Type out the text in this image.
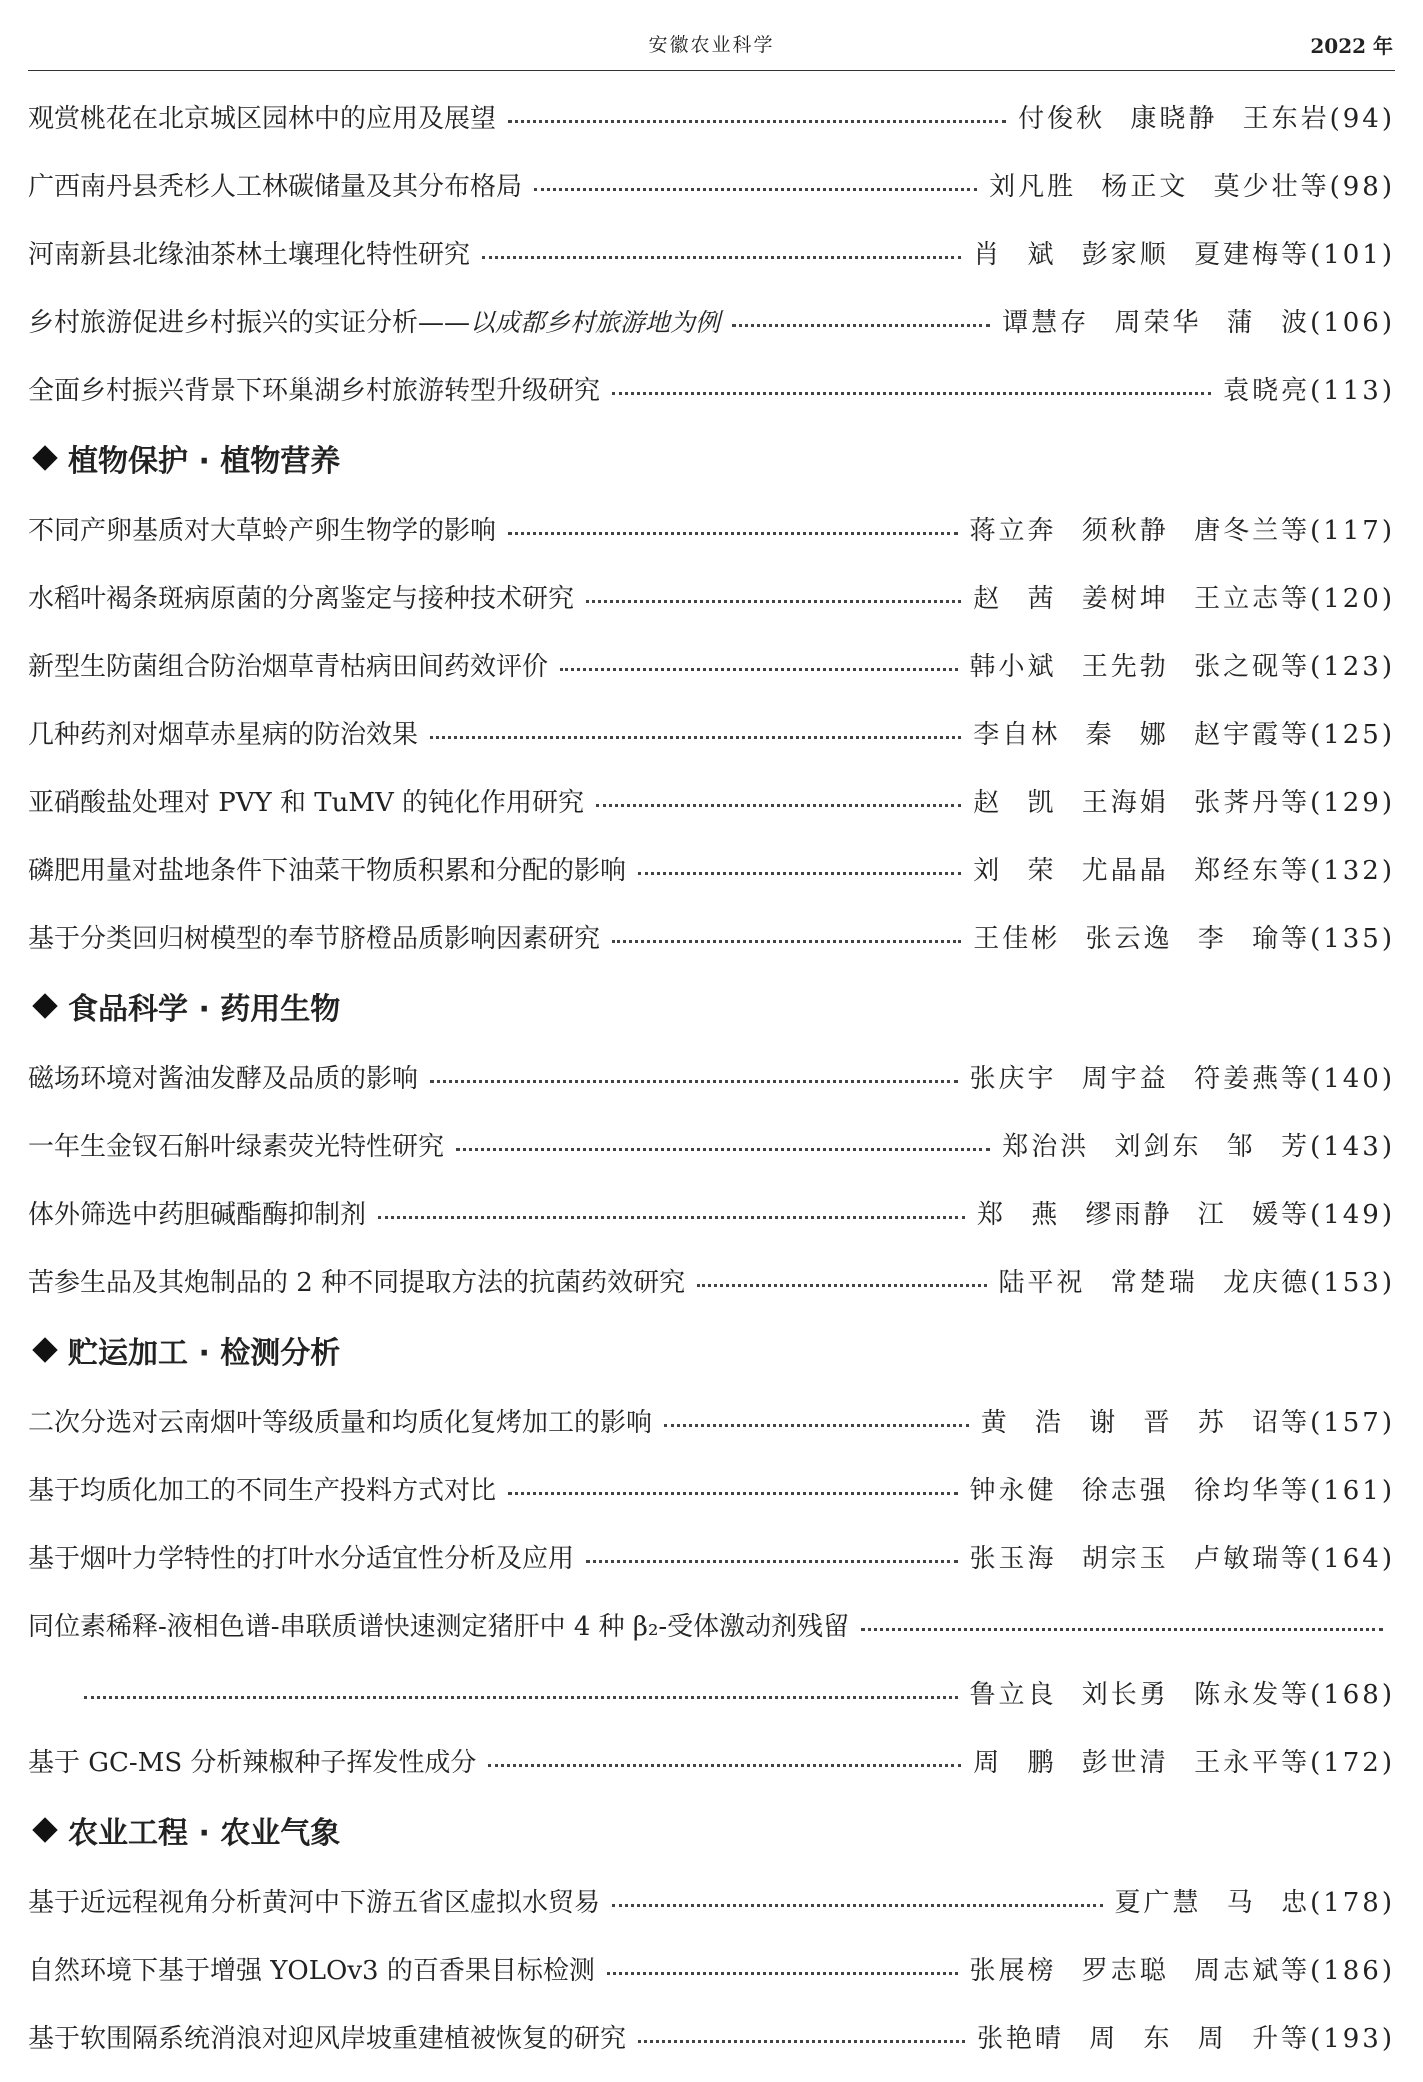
安徽农业科学	2022 年
观赏桃花在北京城区园林中的应用及展望	付俊秋 康晓静 王东岩(94)
广西南丹县秃杉人工林碳储量及其分布格局	刘凡胜 杨正文 莫少壮等(98)
河南新县北缘油茶林土壤理化特性研究	肖 斌 彭家顺 夏建梅等(101)
乡村旅游促进乡村振兴的实证分析——以成都乡村旅游地为例	谭慧存 周荣华 蒲 波(106)
全面乡村振兴背景下环巢湖乡村旅游转型升级研究	袁晓亮(113)
植物保护 · 植物营养
不同产卵基质对大草蛉产卵生物学的影响	蒋立奔 须秋静 唐冬兰等(117)
水稻叶褐条斑病原菌的分离鉴定与接种技术研究	赵 茜 姜树坤 王立志等(120)
新型生防菌组合防治烟草青枯病田间药效评价	韩小斌 王先勃 张之砚等(123)
几种药剂对烟草赤星病的防治效果	李自林 秦 娜 赵宇霞等(125)
亚硝酸盐处理对 PVY 和 TuMV 的钝化作用研究	赵 凯 王海娟 张荠丹等(129)
磷肥用量对盐地条件下油菜干物质积累和分配的影响	刘 荣 尤晶晶 郑经东等(132)
基于分类回归树模型的奉节脐橙品质影响因素研究	王佳彬 张云逸 李 瑜等(135)
食品科学 · 药用生物
磁场环境对酱油发酵及品质的影响	张庆宇 周宇益 符姜燕等(140)
一年生金钗石斛叶绿素荧光特性研究	郑治洪 刘剑东 邹 芳(143)
体外筛选中药胆碱酯酶抑制剂	郑 燕 缪雨静 江 媛等(149)
苦参生品及其炮制品的 2 种不同提取方法的抗菌药效研究	陆平祝 常楚瑞 龙庆德(153)
贮运加工 · 检测分析
二次分选对云南烟叶等级质量和均质化复烤加工的影响	黄 浩 谢 晋 苏 诏等(157)
基于均质化加工的不同生产投料方式对比	钟永健 徐志强 徐均华等(161)
基于烟叶力学特性的打叶水分适宜性分析及应用	张玉海 胡宗玉 卢敏瑞等(164)
同位素稀释-液相色谱-串联质谱快速测定猪肝中 4 种 β₂-受体激动剂残留
鲁立良 刘长勇 陈永发等(168)
基于 GC-MS 分析辣椒种子挥发性成分	周 鹏 彭世清 王永平等(172)
农业工程 · 农业气象
基于近远程视角分析黄河中下游五省区虚拟水贸易	夏广慧 马 忠(178)
自然环境下基于增强 YOLOv3 的百香果目标检测	张展榜 罗志聪 周志斌等(186)
基于软围隔系统消浪对迎风岸坡重建植被恢复的研究	张艳晴 周 东 周 升等(193)
